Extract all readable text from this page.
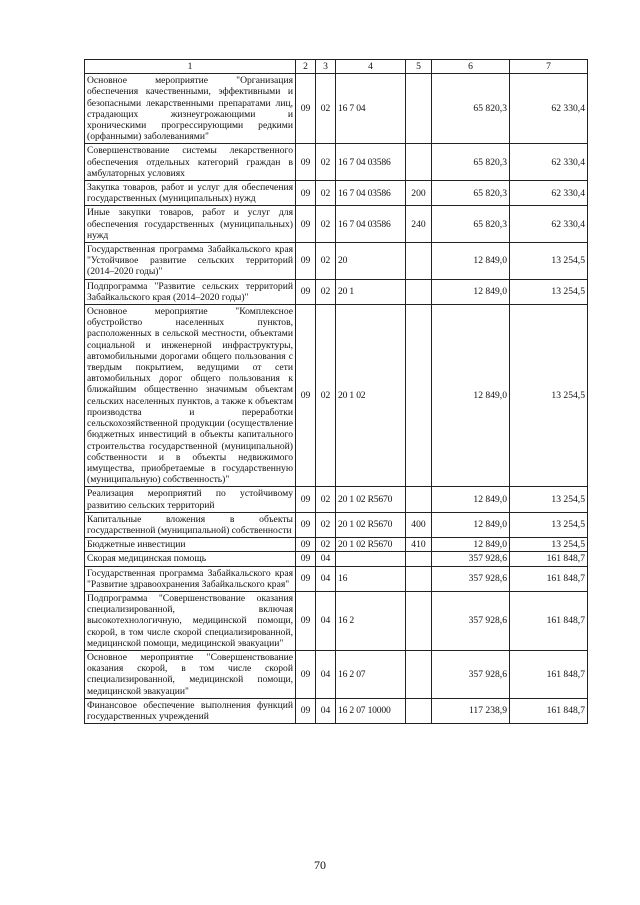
1	2	3	4	5	6	7
Основное мероприятие "Организация обеспечения качественными, эффективными и безопасными лекарственными препаратами лиц, страдающих жизнеугрожающими и хроническими прогрессирующими редкими (орфанными) заболеваниями"	09	02	16 7 04		65 820,3	62 330,4
Совершенствование системы лекарственного обеспечения отдельных категорий граждан в амбулаторных условиях	09	02	16 7 04 03586		65 820,3	62 330,4
Закупка товаров, работ и услуг для обеспечения государственных (муниципальных) нужд	09	02	16 7 04 03586	200	65 820,3	62 330,4
Иные закупки товаров, работ и услуг для обеспечения государственных (муниципальных) нужд	09	02	16 7 04 03586	240	65 820,3	62 330,4
Государственная программа Забайкальского края "Устойчивое развитие сельских территорий (2014–2020 годы)"	09	02	20		12 849,0	13 254,5
Подпрограмма "Развитие сельских территорий Забайкальского края (2014–2020 годы)"	09	02	20 1		12 849,0	13 254,5
Основное мероприятие "Комплексное обустройство населенных пунктов, расположенных в сельской местности, объектами социальной и инженерной инфраструктуры, автомобильными дорогами общего пользования с твердым покрытием, ведущими от сети автомобильных дорог общего пользования к ближайшим общественно значимым объектам сельских населенных пунктов, а также к объектам производства и переработки сельскохозяйственной продукции (осуществление бюджетных инвестиций в объекты капитального строительства государственной (муниципальной) собственности и в объекты недвижимого имущества, приобретаемые в государственную (муниципальную) собственность)"	09	02	20 1 02		12 849,0	13 254,5
Реализация мероприятий по устойчивому развитию сельских территорий	09	02	20 1 02 R5670		12 849,0	13 254,5
Капитальные вложения в объекты государственной (муниципальной) собственности	09	02	20 1 02 R5670	400	12 849,0	13 254,5
Бюджетные инвестиции	09	02	20 1 02 R5670	410	12 849,0	13 254,5
Скорая медицинская помощь	09	04			357 928,6	161 848,7
Государственная программа Забайкальского края "Развитие здравоохранения Забайкальского края"	09	04	16		357 928,6	161 848,7
Подпрограмма "Совершенствование оказания специализированной, включая высокотехнологичную, медицинской помощи, скорой, в том числе скорой специализированной, медицинской помощи, медицинской эвакуации"	09	04	16 2		357 928,6	161 848,7
Основное мероприятие "Совершенствование оказания скорой, в том числе скорой специализированной, медицинской помощи, медицинской эвакуации"	09	04	16 2 07		357 928,6	161 848,7
Финансовое обеспечение выполнения функций государственных учреждений	09	04	16 2 07 10000		117 238,9	161 848,7
70
